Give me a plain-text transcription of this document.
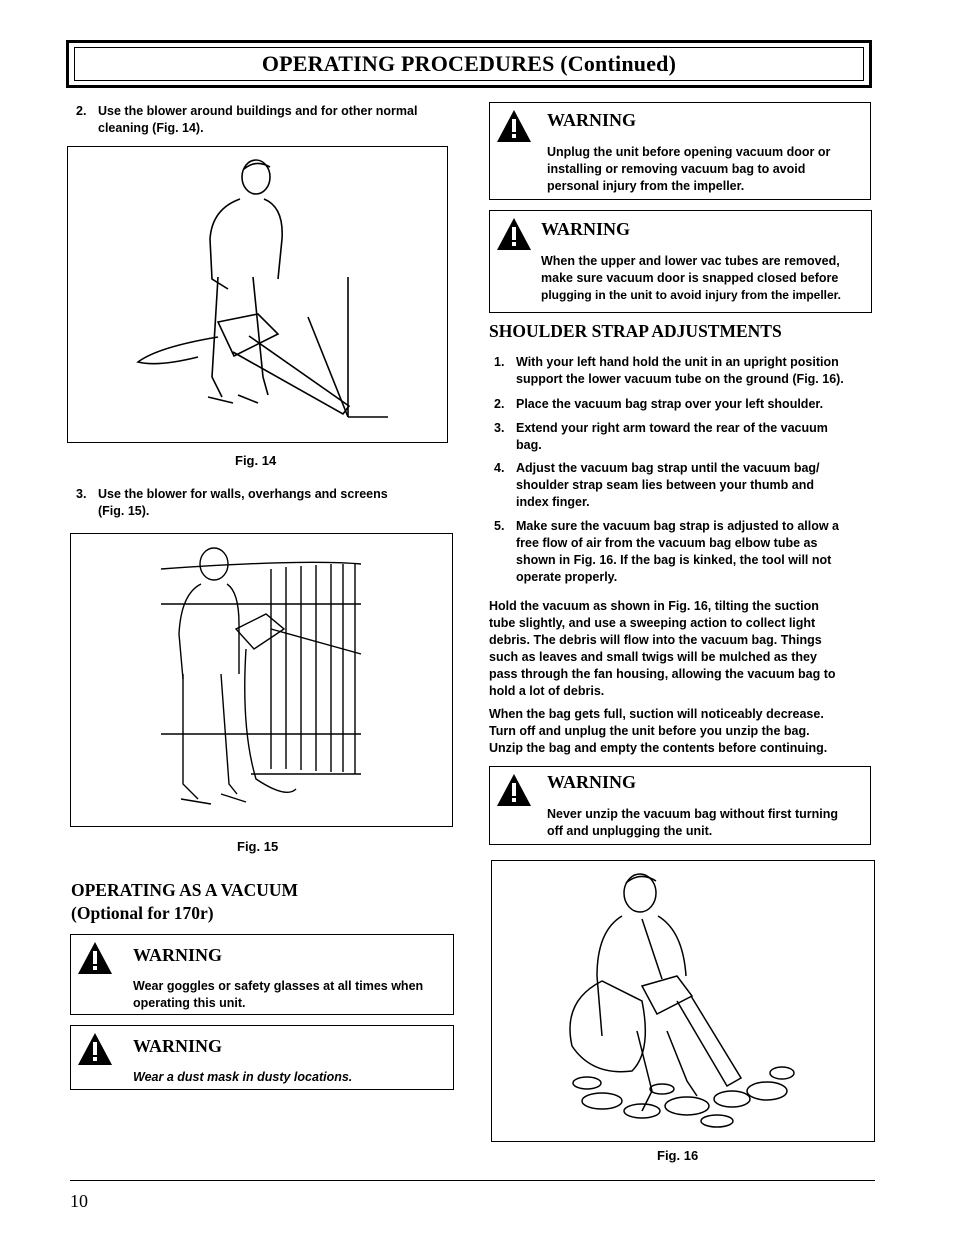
OPERATING PROCEDURES (Continued)
2. Use the blower around buildings and for other normal
cleaning (Fig. 14).
Fig. 14
3. Use the blower for walls, overhangs and screens
(Fig. 15).
Fig. 15
OPERATING AS A VACUUM
(Optional for 170r)
WARNING
Wear goggles or safety glasses at all times when
operating this unit.
WARNING
Wear a dust mask in dusty locations.
WARNING
Unplug the unit before opening vacuum door or
installing or removing vacuum bag to avoid
personal injury from the impeller.
WARNING
When the upper and lower vac tubes are removed,
make sure vacuum door is snapped closed before
plugging in the unit to avoid injury from the impeller.
SHOULDER STRAP ADJUSTMENTS
1. With your left hand hold the unit in an upright position
support the lower vacuum tube on the ground (Fig. 16).
2. Place the vacuum bag strap over your left shoulder.
3. Extend your right arm toward the rear of the vacuum
bag.
4. Adjust the vacuum bag strap until the vacuum bag/
shoulder strap seam lies between your thumb and
index finger.
5. Make sure the vacuum bag strap is adjusted to allow a
free flow of air from the vacuum bag elbow tube as
shown in Fig. 16. If the bag is kinked, the tool will not
operate properly.
Hold the vacuum as shown in Fig. 16, tilting the suction
tube slightly, and use a sweeping action to collect light
debris. The debris will flow into the vacuum bag. Things
such as leaves and small twigs will be mulched as they
pass through the fan housing, allowing the vacuum bag to
hold a lot of debris.
When the bag gets full, suction will noticeably decrease.
Turn off and unplug the unit before you unzip the bag.
Unzip the bag and empty the contents before continuing.
WARNING
Never unzip the vacuum bag without first turning
off and unplugging the unit.
Fig. 16
10
